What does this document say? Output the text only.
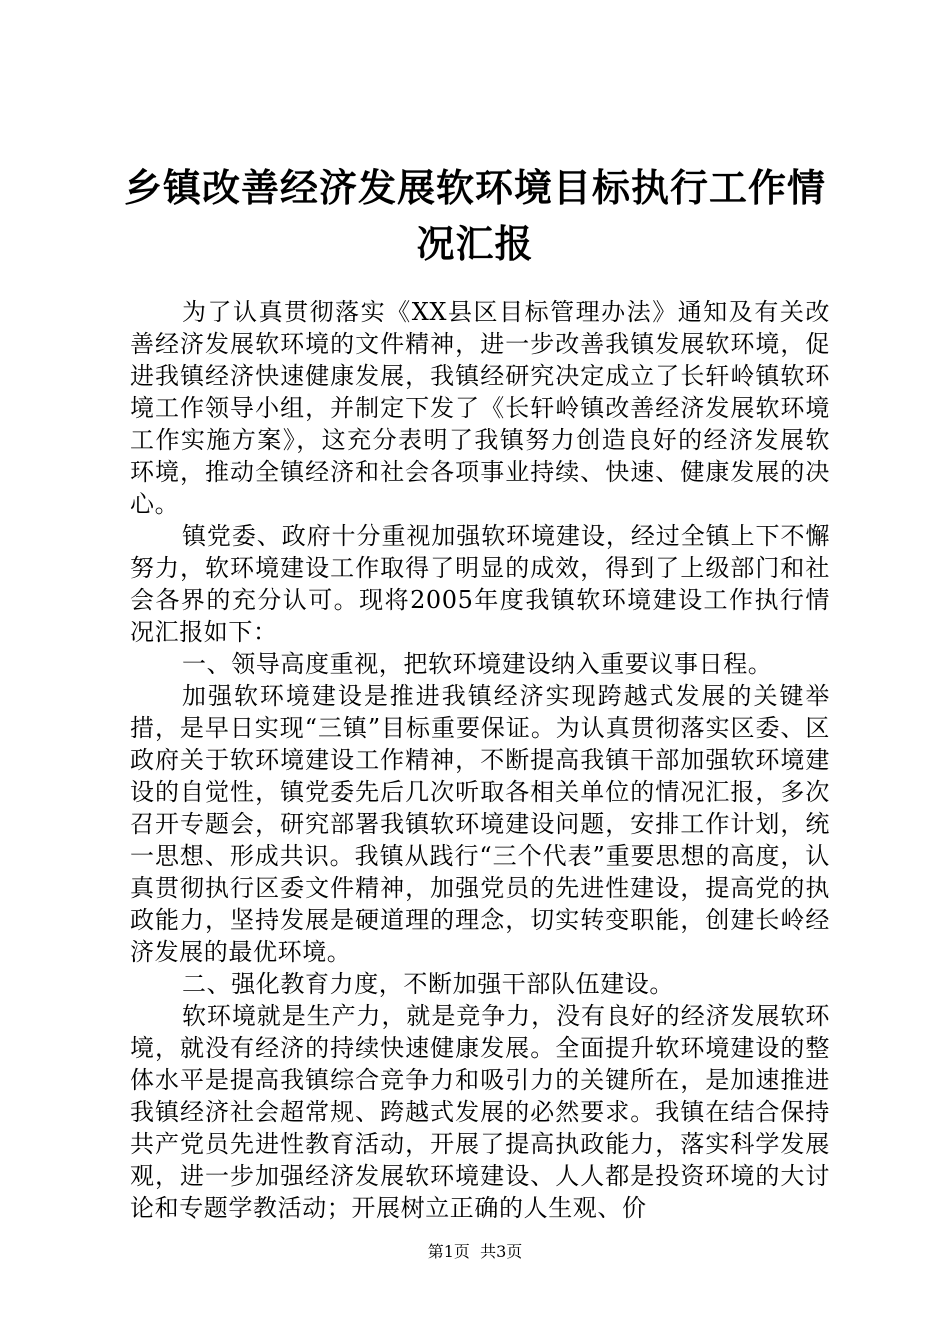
乡镇改善经济发展软环境目标执行工作情况汇报

为了认真贯彻落实《XX县区目标管理办法》通知及有关改善经济发展软环境的文件精神，进一步改善我镇发展软环境，促进我镇经济快速健康发展，我镇经研究决定成立了长轩岭镇软环境工作领导小组，并制定下发了《长轩岭镇改善经济发展软环境工作实施方案》，这充分表明了我镇努力创造良好的经济发展软环境，推动全镇经济和社会各项事业持续、快速、健康发展的决心。

镇党委、政府十分重视加强软环境建设，经过全镇上下不懈努力，软环境建设工作取得了明显的成效，得到了上级部门和社会各界的充分认可。现将2005年度我镇软环境建设工作执行情况汇报如下：

一、领导高度重视，把软环境建设纳入重要议事日程。

加强软环境建设是推进我镇经济实现跨越式发展的关键举措，是早日实现“三镇”目标重要保证。为认真贯彻落实区委、区政府关于软环境建设工作精神，不断提高我镇干部加强软环境建设的自觉性，镇党委先后几次听取各相关单位的情况汇报，多次召开专题会，研究部署我镇软环境建设问题，安排工作计划，统一思想、形成共识。我镇从践行“三个代表”重要思想的高度，认真贯彻执行区委文件精神，加强党员的先进性建设，提高党的执政能力，坚持发展是硬道理的理念，切实转变职能，创建长岭经济发展的最优环境。

二、强化教育力度，不断加强干部队伍建设。

软环境就是生产力，就是竞争力，没有良好的经济发展软环境，就没有经济的持续快速健康发展。全面提升软环境建设的整体水平是提高我镇综合竞争力和吸引力的关键所在，是加速推进我镇经济社会超常规、跨越式发展的必然要求。我镇在结合保持共产党员先进性教育活动，开展了提高执政能力，落实科学发展观，进一步加强经济发展软环境建设、人人都是投资环境的大讨论和专题学教活动；开展树立正确的人生观、价

第1页 共3页
